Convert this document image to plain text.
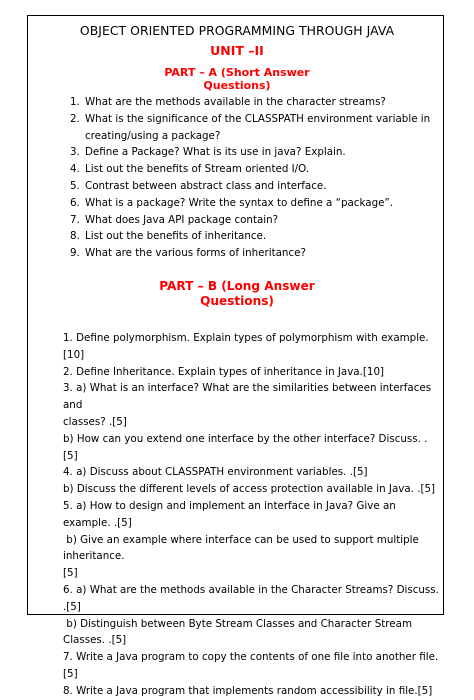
OBJECT ORIENTED PROGRAMMING THROUGH JAVA
UNIT –II
PART – A (Short Answer
Questions)
1. What are the methods available in the character streams?
2. What is the significance of the CLASSPATH environment variable in
creating/using a package?
3. Define a Package? What is its use in java? Explain.
4. List out the benefits of Stream oriented I/O.
5. Contrast between abstract class and interface.
6. What is a package? Write the syntax to define a “package”.
7. What does Java API package contain?
8. List out the benefits of inheritance.
9. What are the various forms of inheritance?
PART – B (Long Answer
Questions)
1. Define polymorphism. Explain types of polymorphism with example.[10]
2. Define Inheritance. Explain types of inheritance in Java.[10]
3. a) What is an interface? What are the similarities between interfaces and
classes? .[5]
b) How can you extend one interface by the other interface? Discuss. .[5]
4. a) Discuss about CLASSPATH environment variables. .[5]
b) Discuss the different levels of access protection available in Java. .[5]
5. a) How to design and implement an interface in Java? Give an example. .[5]
b) Give an example where interface can be used to support multiple inheritance.
[5]
6. a) What are the methods available in the Character Streams? Discuss. .[5]
b) Distinguish between Byte Stream Classes and Character Stream Classes. .[5]
7. Write a Java program to copy the contents of one file into another file.[5]
8. Write a Java program that implements random accessibility in file.[5]
